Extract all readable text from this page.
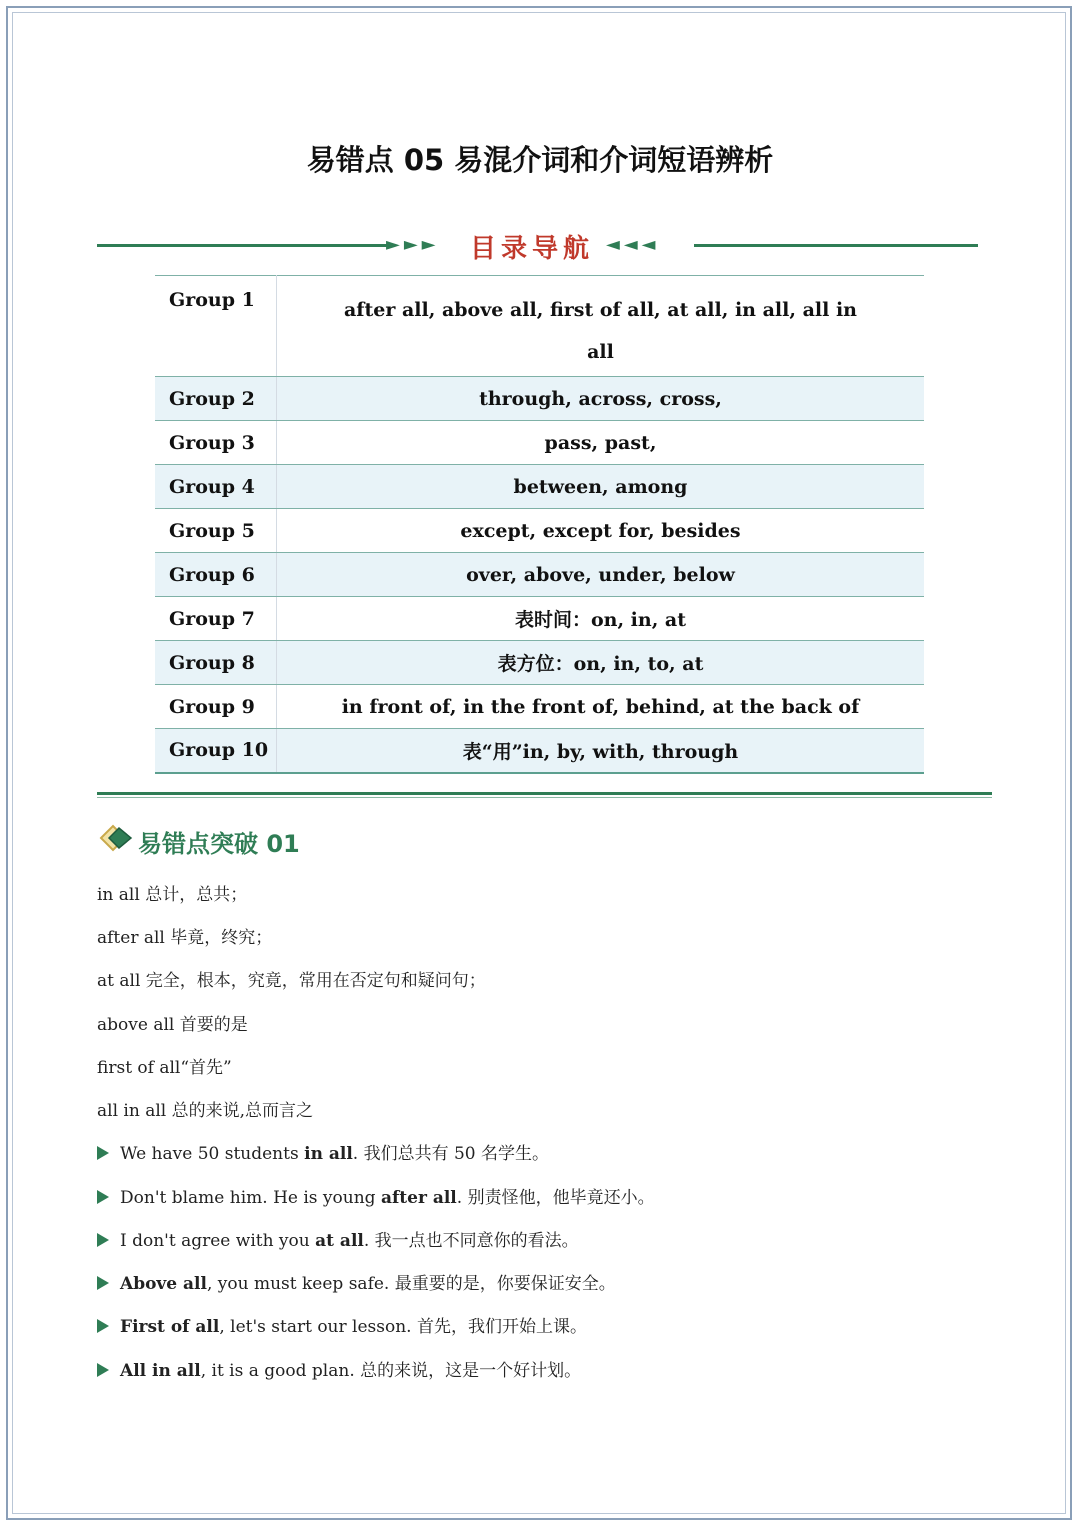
易错点 05 易混介词和介词短语辨析
►►► 目录导航 ◄◄◄
Group 1	after all, above all, first of all, at all, in all, all in
all

Group 2	through, across, cross,
Group 3	pass, past,
Group 4	between, among
Group 5	except, except for, besides
Group 6	over, above, under, below
Group 7	表时间：on, in, at
Group 8	表方位：on, in, to, at
Group 9	in front of, in the front of, behind, at the back of
Group 10	表“用”in, by, with, through
易错点突破 01
in all 总计，总共；
after all 毕竟，终究；
at all 完全，根本，究竟，常用在否定句和疑问句；
above all 首要的是
first of all“首先”
all in all 总的来说,总而言之
We have 50 students in all. 我们总共有 50 名学生。
Don't blame him. He is young after all. 别责怪他，他毕竟还小。
I don't agree with you at all. 我一点也不同意你的看法。
Above all, you must keep safe. 最重要的是，你要保证安全。
First of all, let's start our lesson. 首先，我们开始上课。
All in all, it is a good plan. 总的来说，这是一个好计划。
